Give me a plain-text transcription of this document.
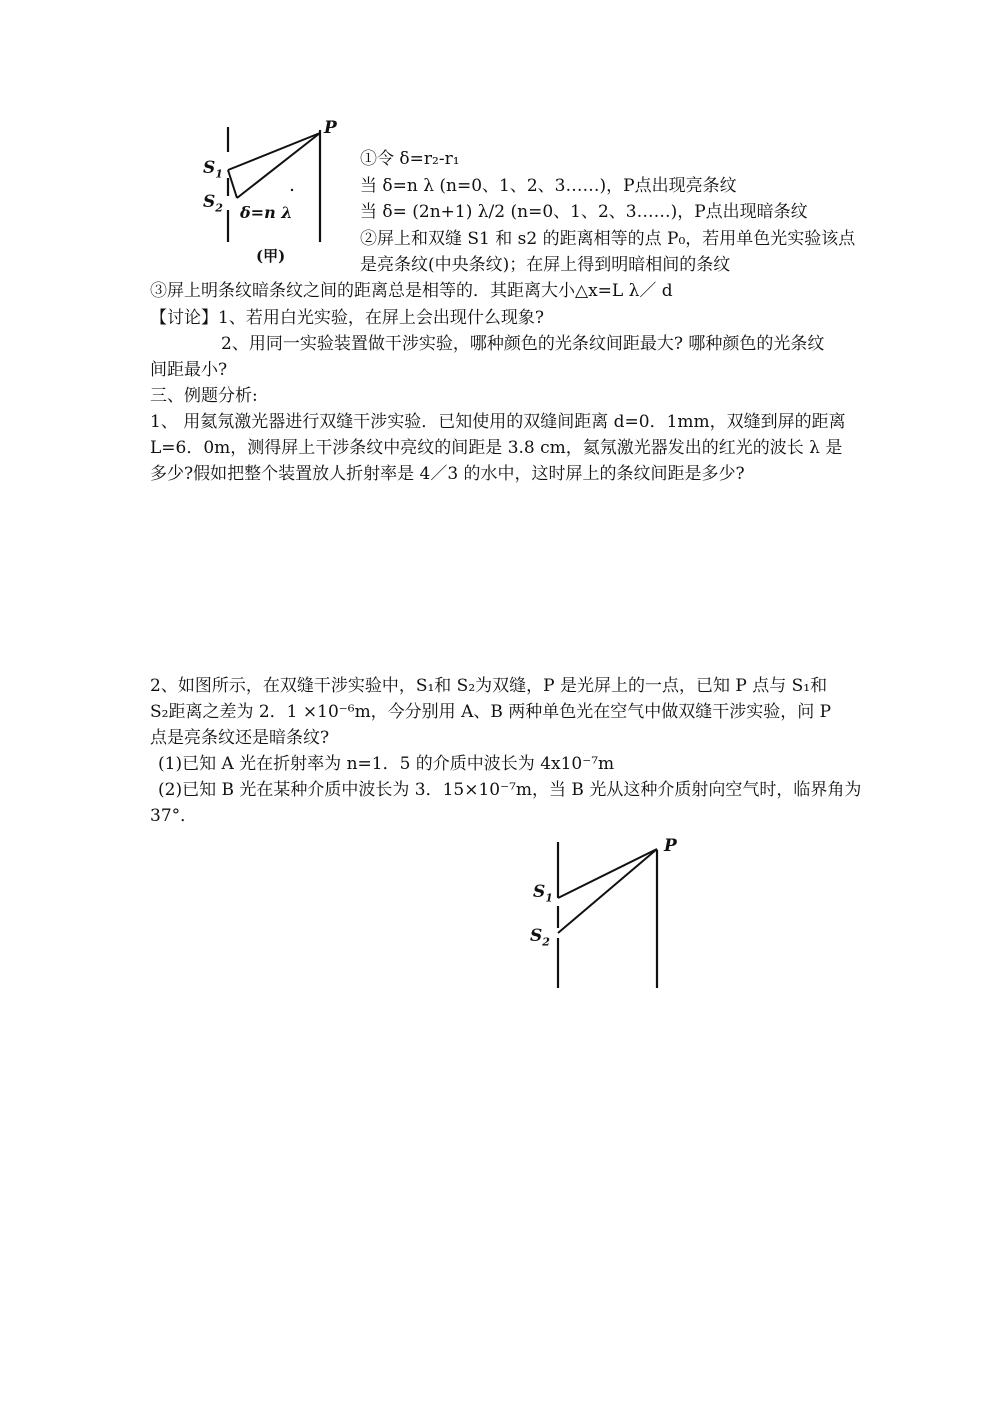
P
$S_1$
$S_2$ δ=n λ
(甲)
①令 δ=r₂-r₁
当 δ=n λ (n=0、1、2、3……)，P点出现亮条纹
当 δ= (2n+1) λ/2 (n=0、1、2、3……)，P点出现暗条纹
②屏上和双缝 S1 和 s2 的距离相等的点 P₀，若用单色光实验该点
是亮条纹(中央条纹)；在屏上得到明暗相间的条纹
③屏上明条纹暗条纹之间的距离总是相等的．其距离大小△x=L λ／ d
【讨论】1、若用白光实验，在屏上会出现什么现象?
2、用同一实验装置做干涉实验，哪种颜色的光条纹间距最大? 哪种颜色的光条纹
间距最小?
三、例题分析:
1、 用氦氖激光器进行双缝干涉实验．已知使用的双缝间距离 d=0．1mm，双缝到屏的距离 L=6．0m，测得屏上干涉条纹中亮纹的间距是 3.8 cm，氦氖激光器发出的红光的波长 λ 是多少?假如把整个装置放人折射率是 4／3 的水中，这时屏上的条纹间距是多少?
2、如图所示，在双缝干涉实验中，S₁和 S₂为双缝，P 是光屏上的一点，已知 P 点与 S₁和 S₂距离之差为 2．1 ×10⁻⁶m，今分别用 A、B 两种单色光在空气中做双缝干涉实验，问 P 点是亮条纹还是暗条纹?
(1)已知 A 光在折射率为 n=1．5 的介质中波长为 4x10⁻⁷m
(2)已知 B 光在某种介质中波长为 3．15×10⁻⁷m，当 B 光从这种介质射向空气时，临界角为
37°．
P
$S_1$
$S_2$
